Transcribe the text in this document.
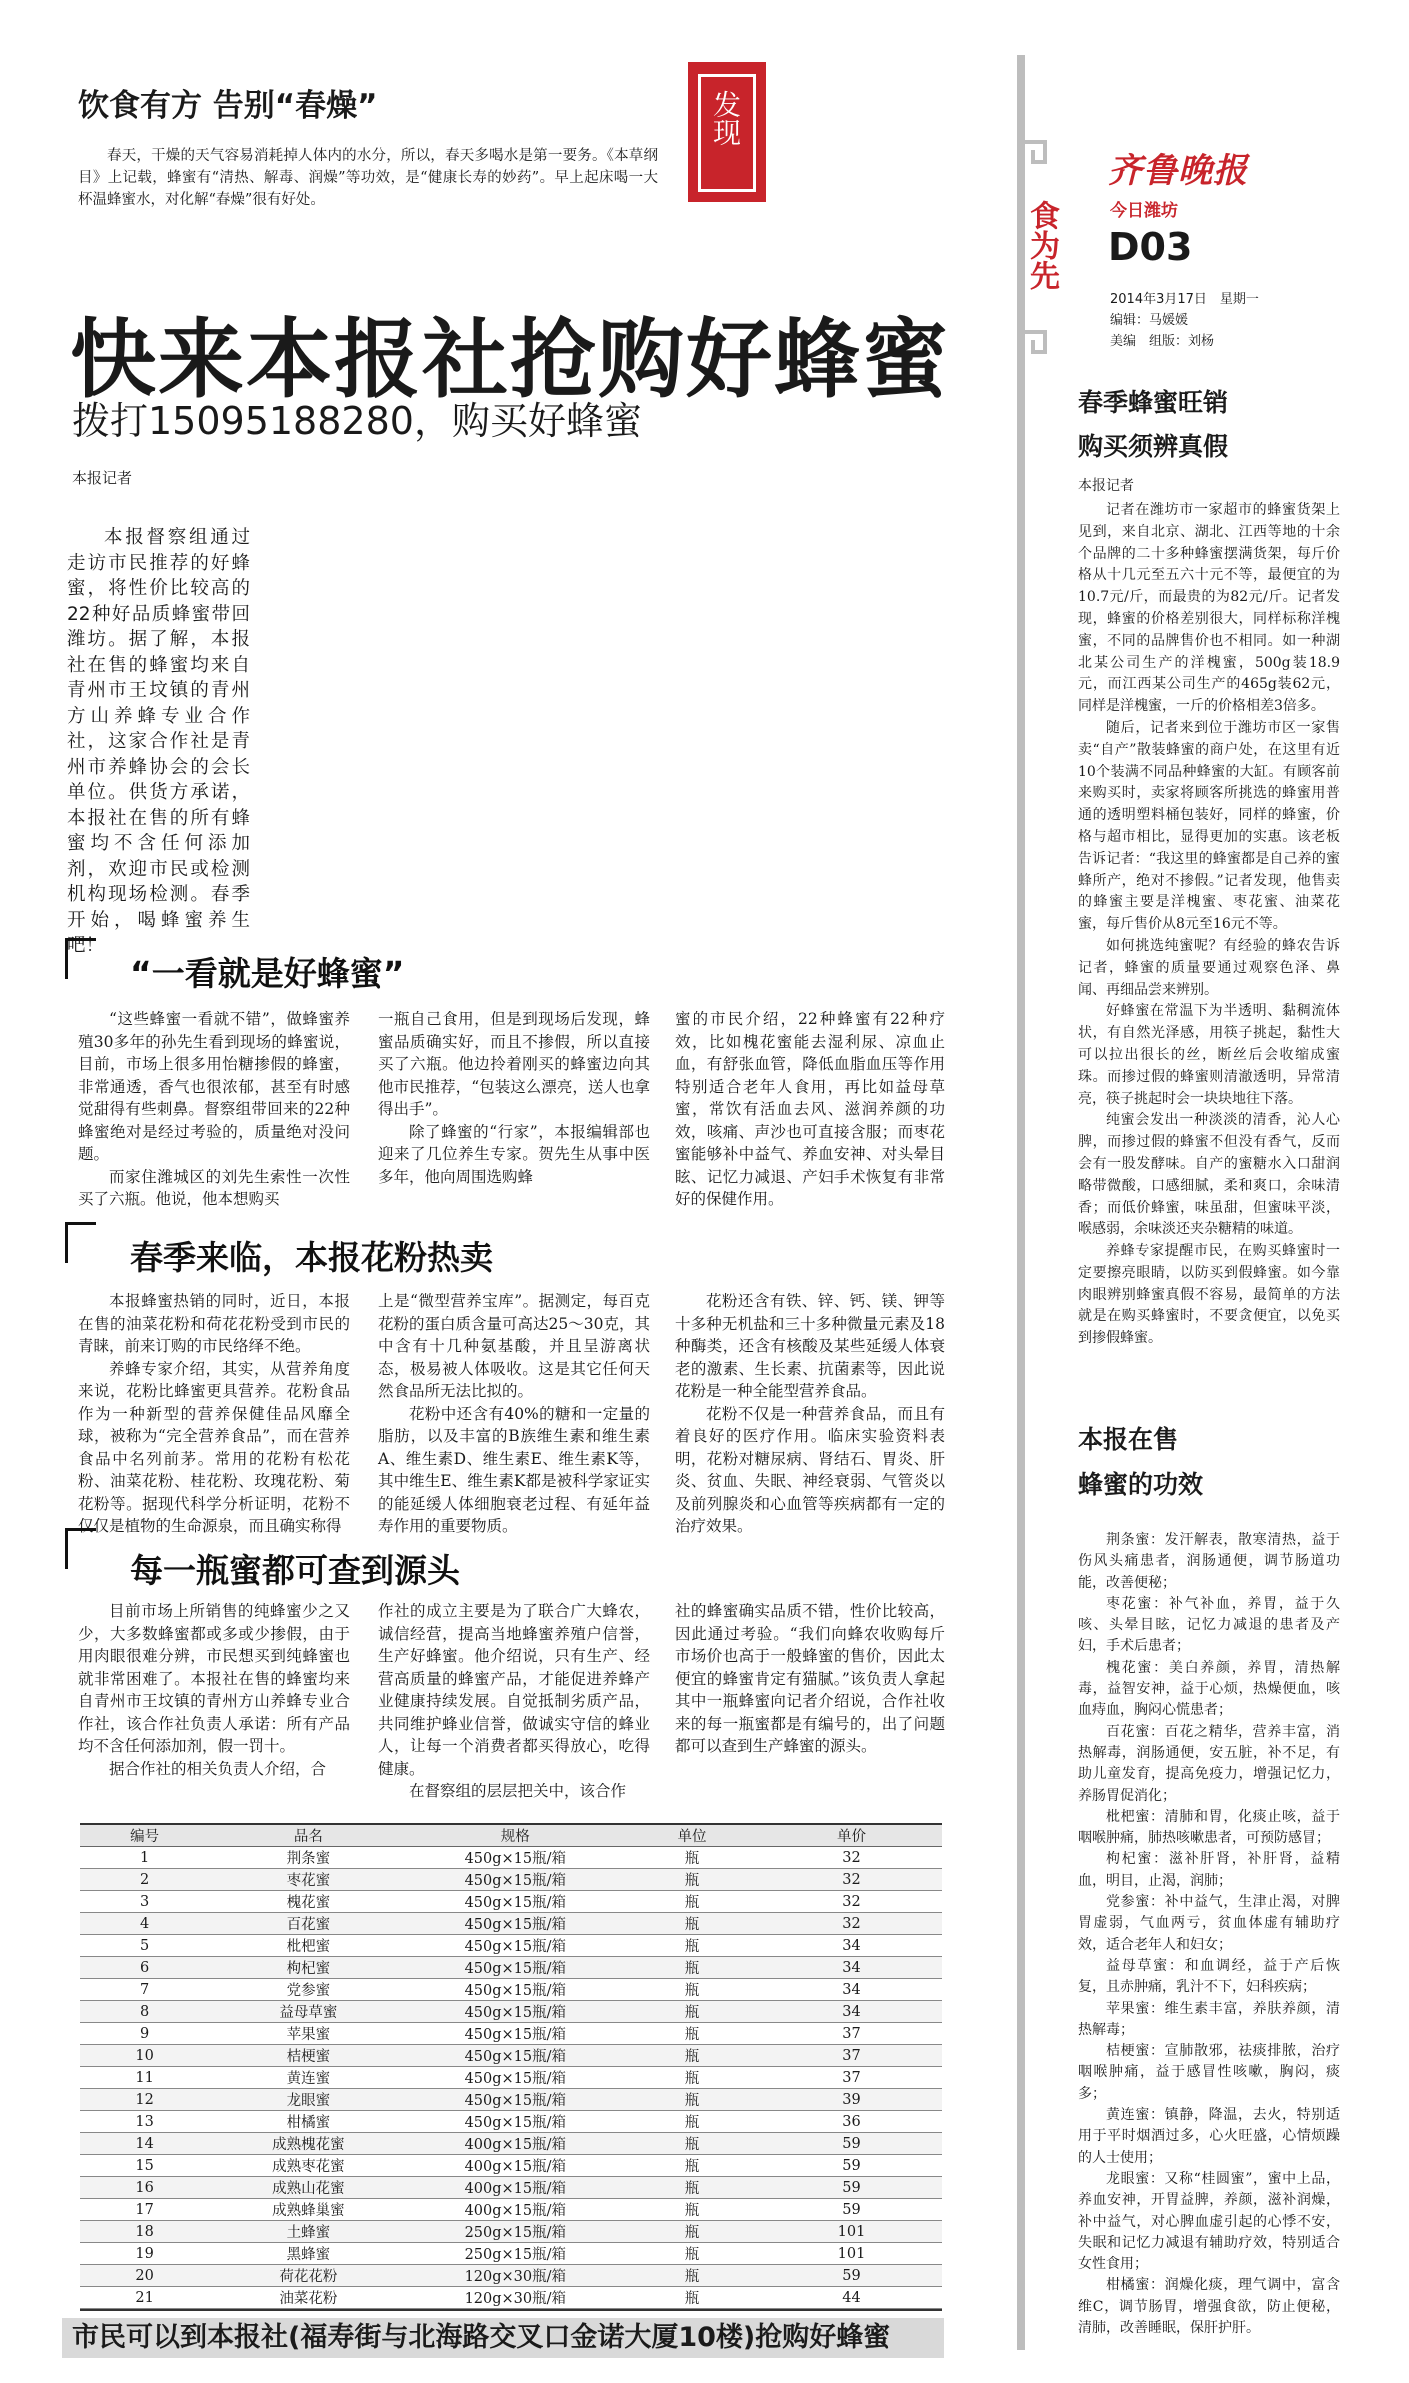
饮食有方 告别“春燥”	发现
春天，干燥的天气容易消耗掉人体内的水分，所以，春天多喝水是第一要务。《本草纲目》上记载，蜂蜜有“清热、解毒、润燥”等功效，是“健康长寿的妙药”。早上起床喝一大杯温蜂蜜水，对化解“春燥”很有好处。
快来本报社抢购好蜂蜜
拨打15095188280，购买好蜂蜜
本报记者
本报督察组通过走访市民推荐的好蜂蜜，将性价比较高的22种好品质蜂蜜带回潍坊。据了解，本报社在售的蜂蜜均来自青州市王坟镇的青州方山养蜂专业合作社，这家合作社是青州市养蜂协会的会长单位。供货方承诺，本报社在售的所有蜂蜜均不含任何添加剂，欢迎市民或检测机构现场检测。春季开始，喝蜂蜜养生吧！
“一看就是好蜂蜜”

“这些蜂蜜一看就不错”，做蜂蜜养殖30多年的孙先生看到现场的蜂蜜说，目前，市场上很多用怡糖掺假的蜂蜜，非常通透，香气也很浓郁，甚至有时感觉甜得有些刺鼻。督察组带回来的22种蜂蜜绝对是经过考验的，质量绝对没问题。

而家住潍城区的刘先生索性一次性买了六瓶。他说，他本想购买

一瓶自己食用，但是到现场后发现，蜂蜜品质确实好，而且不掺假，所以直接买了六瓶。他边拎着刚买的蜂蜜边向其他市民推荐，“包装这么漂亮，送人也拿得出手”。

除了蜂蜜的“行家”，本报编辑部也迎来了几位养生专家。贺先生从事中医多年，他向周围选购蜂

蜜的市民介绍，22种蜂蜜有22种疗效，比如槐花蜜能去湿利尿、凉血止血，有舒张血管，降低血脂血压等作用特别适合老年人食用，再比如益母草蜜，常饮有活血去风、滋润养颜的功效，咳痛、声沙也可直接含服；而枣花蜜能够补中益气、养血安神、对头晕目眩、记忆力减退、产妇手术恢复有非常好的保健作用。

春季来临，本报花粉热卖

本报蜂蜜热销的同时，近日，本报在售的油菜花粉和荷花花粉受到市民的青睐，前来订购的市民络绎不绝。

养蜂专家介绍，其实，从营养角度来说，花粉比蜂蜜更具营养。花粉食品作为一种新型的营养保健佳品风靡全球，被称为“完全营养食品”，而在营养食品中名列前茅。常用的花粉有松花粉、油菜花粉、桂花粉、玫瑰花粉、菊花粉等。据现代科学分析证明，花粉不仅仅是植物的生命源泉，而且确实称得

上是“微型营养宝库”。据测定，每百克花粉的蛋白质含量可高达25～30克，其中含有十几种氨基酸，并且呈游离状态，极易被人体吸收。这是其它任何天然食品所无法比拟的。

花粉中还含有40%的糖和一定量的脂肪，以及丰富的B族维生素和维生素A、维生素D、维生素E、维生素K等，其中维生E、维生素K都是被科学家证实的能延缓人体细胞衰老过程、有延年益寿作用的重要物质。

花粉还含有铁、锌、钙、镁、钾等十多种无机盐和三十多种微量元素及18种酶类，还含有核酸及某些延缓人体衰老的激素、生长素、抗菌素等，因此说花粉是一种全能型营养食品。

花粉不仅是一种营养食品，而且有着良好的医疗作用。临床实验资料表明，花粉对糖尿病、肾结石、胃炎、肝炎、贫血、失眠、神经衰弱、气管炎以及前列腺炎和心血管等疾病都有一定的治疗效果。

每一瓶蜜都可查到源头

目前市场上所销售的纯蜂蜜少之又少，大多数蜂蜜都或多或少掺假，由于用肉眼很难分辨，市民想买到纯蜂蜜也就非常困难了。本报社在售的蜂蜜均来自青州市王坟镇的青州方山养蜂专业合作社，该合作社负责人承诺：所有产品均不含任何添加剂，假一罚十。

据合作社的相关负责人介绍，合

作社的成立主要是为了联合广大蜂农，诚信经营，提高当地蜂蜜养殖户信誉，生产好蜂蜜。他介绍说，只有生产、经营高质量的蜂蜜产品，才能促进养蜂产业健康持续发展。自觉抵制劣质产品，共同维护蜂业信誉，做诚实守信的蜂业人，让每一个消费者都买得放心，吃得健康。

在督察组的层层把关中，该合作

社的蜂蜜确实品质不错，性价比较高，因此通过考验。“我们向蜂农收购每斤市场价也高于一般蜂蜜的售价，因此太便宜的蜂蜜肯定有猫腻。”该负责人拿起其中一瓶蜂蜜向记者介绍说，合作社收来的每一瓶蜜都是有编号的，出了问题都可以查到生产蜂蜜的源头。

编号	品名	规格	单位	单价
1	荆条蜜	450g×15瓶/箱	瓶	32
2	枣花蜜	450g×15瓶/箱	瓶	32
3	槐花蜜	450g×15瓶/箱	瓶	32
4	百花蜜	450g×15瓶/箱	瓶	32
5	枇杷蜜	450g×15瓶/箱	瓶	34
6	枸杞蜜	450g×15瓶/箱	瓶	34
7	党参蜜	450g×15瓶/箱	瓶	34
8	益母草蜜	450g×15瓶/箱	瓶	34
9	苹果蜜	450g×15瓶/箱	瓶	37
10	桔梗蜜	450g×15瓶/箱	瓶	37
11	黄连蜜	450g×15瓶/箱	瓶	37
12	龙眼蜜	450g×15瓶/箱	瓶	39
13	柑橘蜜	450g×15瓶/箱	瓶	36
14	成熟槐花蜜	400g×15瓶/箱	瓶	59
15	成熟枣花蜜	400g×15瓶/箱	瓶	59
16	成熟山花蜜	400g×15瓶/箱	瓶	59
17	成熟蜂巢蜜	400g×15瓶/箱	瓶	59
18	土蜂蜜	250g×15瓶/箱	瓶	101
19	黑蜂蜜	250g×15瓶/箱	瓶	101
20	荷花花粉	120g×30瓶/箱	瓶	59
21	油菜花粉	120g×30瓶/箱	瓶	44
市民可以到本报社(福寿街与北海路交叉口金诺大厦10楼)抢购好蜂蜜
食为先
齐鲁晚报
今日潍坊
D03
2014年3月17日　星期一
编辑：马媛媛
美编　组版：刘杨
春季蜂蜜旺销
购买须辨真假
本报记者

记者在潍坊市一家超市的蜂蜜货架上见到，来自北京、湖北、江西等地的十余个品牌的二十多种蜂蜜摆满货架，每斤价格从十几元至五六十元不等，最便宜的为10.7元/斤，而最贵的为82元/斤。记者发现，蜂蜜的价格差别很大，同样标称洋槐蜜，不同的品牌售价也不相同。如一种湖北某公司生产的洋槐蜜，500g装18.9元，而江西某公司生产的465g装62元，同样是洋槐蜜，一斤的价格相差3倍多。

随后，记者来到位于潍坊市区一家售卖“自产”散装蜂蜜的商户处，在这里有近10个装满不同品种蜂蜜的大缸。有顾客前来购买时，卖家将顾客所挑选的蜂蜜用普通的透明塑料桶包装好，同样的蜂蜜，价格与超市相比，显得更加的实惠。该老板告诉记者：“我这里的蜂蜜都是自己养的蜜蜂所产，绝对不掺假。”记者发现，他售卖的蜂蜜主要是洋槐蜜、枣花蜜、油菜花蜜，每斤售价从8元至16元不等。

如何挑选纯蜜呢？有经验的蜂农告诉记者，蜂蜜的质量要通过观察色泽、鼻闻、再细品尝来辨别。

好蜂蜜在常温下为半透明、黏稠流体状，有自然光泽感，用筷子挑起，黏性大可以拉出很长的丝，断丝后会收缩成蜜珠。而掺过假的蜂蜜则清澈透明，异常清亮，筷子挑起时会一块块地往下落。

纯蜜会发出一种淡淡的清香，沁人心脾，而掺过假的蜂蜜不但没有香气，反而会有一股发酵味。自产的蜜糖水入口甜润略带微酸，口感细腻，柔和爽口，余味清香；而低价蜂蜜，味虽甜，但蜜味平淡，喉感弱，余味淡还夹杂糖精的味道。

养蜂专家提醒市民，在购买蜂蜜时一定要擦亮眼睛，以防买到假蜂蜜。如今靠肉眼辨别蜂蜜真假不容易，最简单的方法就是在购买蜂蜜时，不要贪便宜，以免买到掺假蜂蜜。

本报在售
蜂蜜的功效

荆条蜜：发汗解表，散寒清热，益于伤风头痛患者，润肠通便，调节肠道功能，改善便秘；

枣花蜜：补气补血，养胃，益于久咳、头晕目眩，记忆力减退的患者及产妇，手术后患者；

槐花蜜：美白养颜，养胃，清热解毒，益智安神，益于心烦，热燥便血，咳血痔血，胸闷心慌患者；

百花蜜：百花之精华，营养丰富，消热解毒，润肠通便，安五脏，补不足，有助儿童发育，提高免疫力，增强记忆力，养肠胃促消化；

枇杷蜜：清肺和胃，化痰止咳，益于咽喉肿痛，肺热咳嗽患者，可预防感冒；

枸杞蜜：滋补肝肾，补肝肾，益精血，明目，止渴，润肺；

党参蜜：补中益气，生津止渴，对脾胃虚弱，气血两亏，贫血体虚有辅助疗效，适合老年人和妇女；

益母草蜜：和血调经，益于产后恢复，且赤肿痛，乳汁不下，妇科疾病；

苹果蜜：维生素丰富，养肤养颜，清热解毒；

桔梗蜜：宣肺散邪，祛痰排脓，治疗咽喉肿痛，益于感冒性咳嗽，胸闷，痰多；

黄连蜜：镇静，降温，去火，特别适用于平时烟酒过多，心火旺盛，心情烦躁的人士使用；

龙眼蜜：又称“桂圆蜜”，蜜中上品，养血安神，开胃益脾，养颜，滋补润燥，补中益气，对心脾血虚引起的心悸不安，失眠和记忆力减退有辅助疗效，特别适合女性食用；

柑橘蜜：润燥化痰，理气调中，富含维C，调节肠胃，增强食欲，防止便秘，清肺，改善睡眠，保肝护肝。
